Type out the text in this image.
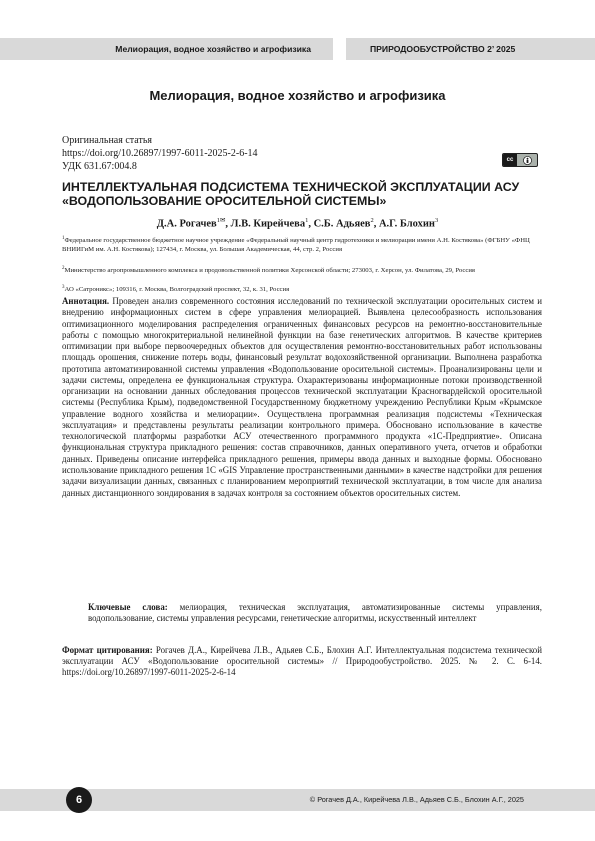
Мелиорация, водное хозяйство и агрофизика	ПРИРОДООБУСТРОЙСТВО 2’ 2025
Мелиорация, водное хозяйство и агрофизика
Оригинальная статья
https://doi.org/10.26897/1997-6011-2025-2-6-14
УДК 631.67:004.8
cc
ИНТЕЛЛЕКТУАЛЬНАЯ ПОДСИСТЕМА ТЕХНИЧЕСКОЙ ЭКСПЛУАТАЦИИ АСУ «ВОДОПОЛЬЗОВАНИЕ ОРОСИТЕЛЬНОЙ СИСТЕМЫ»
Д.А. Рогачев$^{1✉}$, Л.В. Кирейчева$^1$, С.Б. Адьяев$^2$, А.Г. Блохин$^3$
$^1$Федеральное государственное бюджетное научное учреждение «Федеральный научный центр гидротехники и мелиорации имени А.Н. Костякова» (ФГБНУ «ФНЦ ВНИИГиМ им. А.Н. Костякова); 127434, г. Москва, ул. Большая Академическая, 44, стр. 2, Россия
$^2$Министерство агропромышленного комплекса и продовольственной политики Херсонской области; 273003, г. Херсон, ул. Филатова, 29, Россия
$^3$АО «Сатроникс»; 109316, г. Москва, Волгоградский проспект, 32, к. 31, Россия
Аннотация. Проведен анализ современного состояния исследований по технической эксплуатации оросительных систем и внедрению информационных систем в сфере управления мелиорацией. Выявлена целесообразность использования оптимизационного моделирования распределения ограниченных финансовых ресурсов на ремонтно-восстановительные работы с помощью многокритериальной нелинейной функции на базе генетических алгоритмов. В качестве критериев оптимизации при выборе первоочередных объектов для осуществления ремонтно-восстановительных работ использованы площадь орошения, снижение потерь воды, финансовый результат водохозяйственной организации. Выполнена разработка прототипа автоматизированной системы управления «Водопользование оросительной системы». Проанализированы цели и задачи системы, определена ее функциональная структура. Охарактеризованы информационные потоки производственной организации на основании данных обследования процессов технической эксплуатации Красногвардейской оросительной системы (Республика Крым), подведомственной Государственному бюджетному учреждению Республики Крым «Крымское управление водного хозяйства и мелиорации». Осуществлена программная реализация подсистемы «Техническая эксплуатация» и представлены результаты реализации контрольного примера. Обосновано использование в качестве технологической платформы разработки АСУ отечественного программного продукта «1С-Предприятие». Описана функциональная структура прикладного решения: состав справочников, данных оперативного учета, отчетов и обработки данных. Приведены описание интерфейса прикладного решения, примеры ввода данных и выходные формы. Обосновано использование прикладного решения 1С «GIS Управление пространственными данными» в качестве надстройки для решения задачи визуализации данных, связанных с планированием мероприятий технической эксплуатации, в том числе для анализа данных дистанционного зондирования в задачах контроля за состоянием объектов оросительных систем.
Ключевые слова: мелиорация, техническая эксплуатация, автоматизированные системы управления, водопользование, системы управления ресурсами, генетические алгоритмы, искусственный интеллект
Формат цитирования: Рогачев Д.А., Кирейчева Л.В., Адьяев С.Б., Блохин А.Г. Интеллектуальная подсистема технической эксплуатации АСУ «Водопользование оросительной системы» // Природообустройство. 2025. № 2. С. 6-14. https://doi.org/10.26897/1997-6011-2025-2-6-14
6	© Рогачев Д.А., Кирейчева Л.В., Адьяев С.Б., Блохин А.Г., 2025
